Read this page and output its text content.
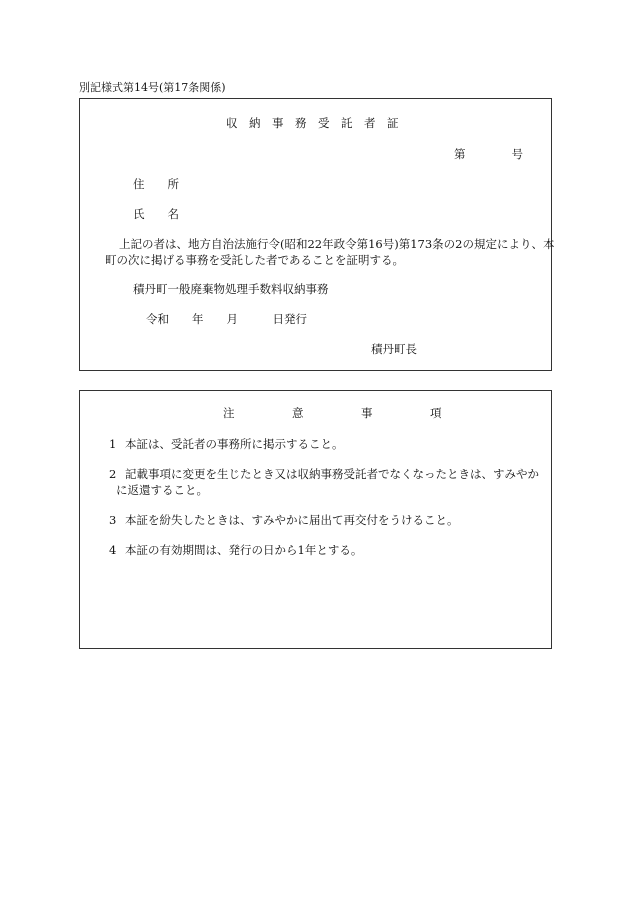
別記様式第14号(第17条関係)
収　納　事　務　受　託　者　証
第　　　　号
住　　所
氏　　名
上記の者は、地方自治法施行令(昭和22年政令第16号)第173条の2の規定により、本
町の次に掲げる事務を受託した者であることを証明する。
積丹町一般廃棄物処理手数料収納事務
令和　　年　　月　　　日発行
積丹町長
注　　　　　意　　　　　事　　　　　項
1 本証は、受託者の事務所に掲示すること。
2 記載事項に変更を生じたとき又は収納事務受託者でなくなったときは、すみやか
に返還すること。
3 本証を紛失したときは、すみやかに届出て再交付をうけること。
4 本証の有効期間は、発行の日から1年とする。
